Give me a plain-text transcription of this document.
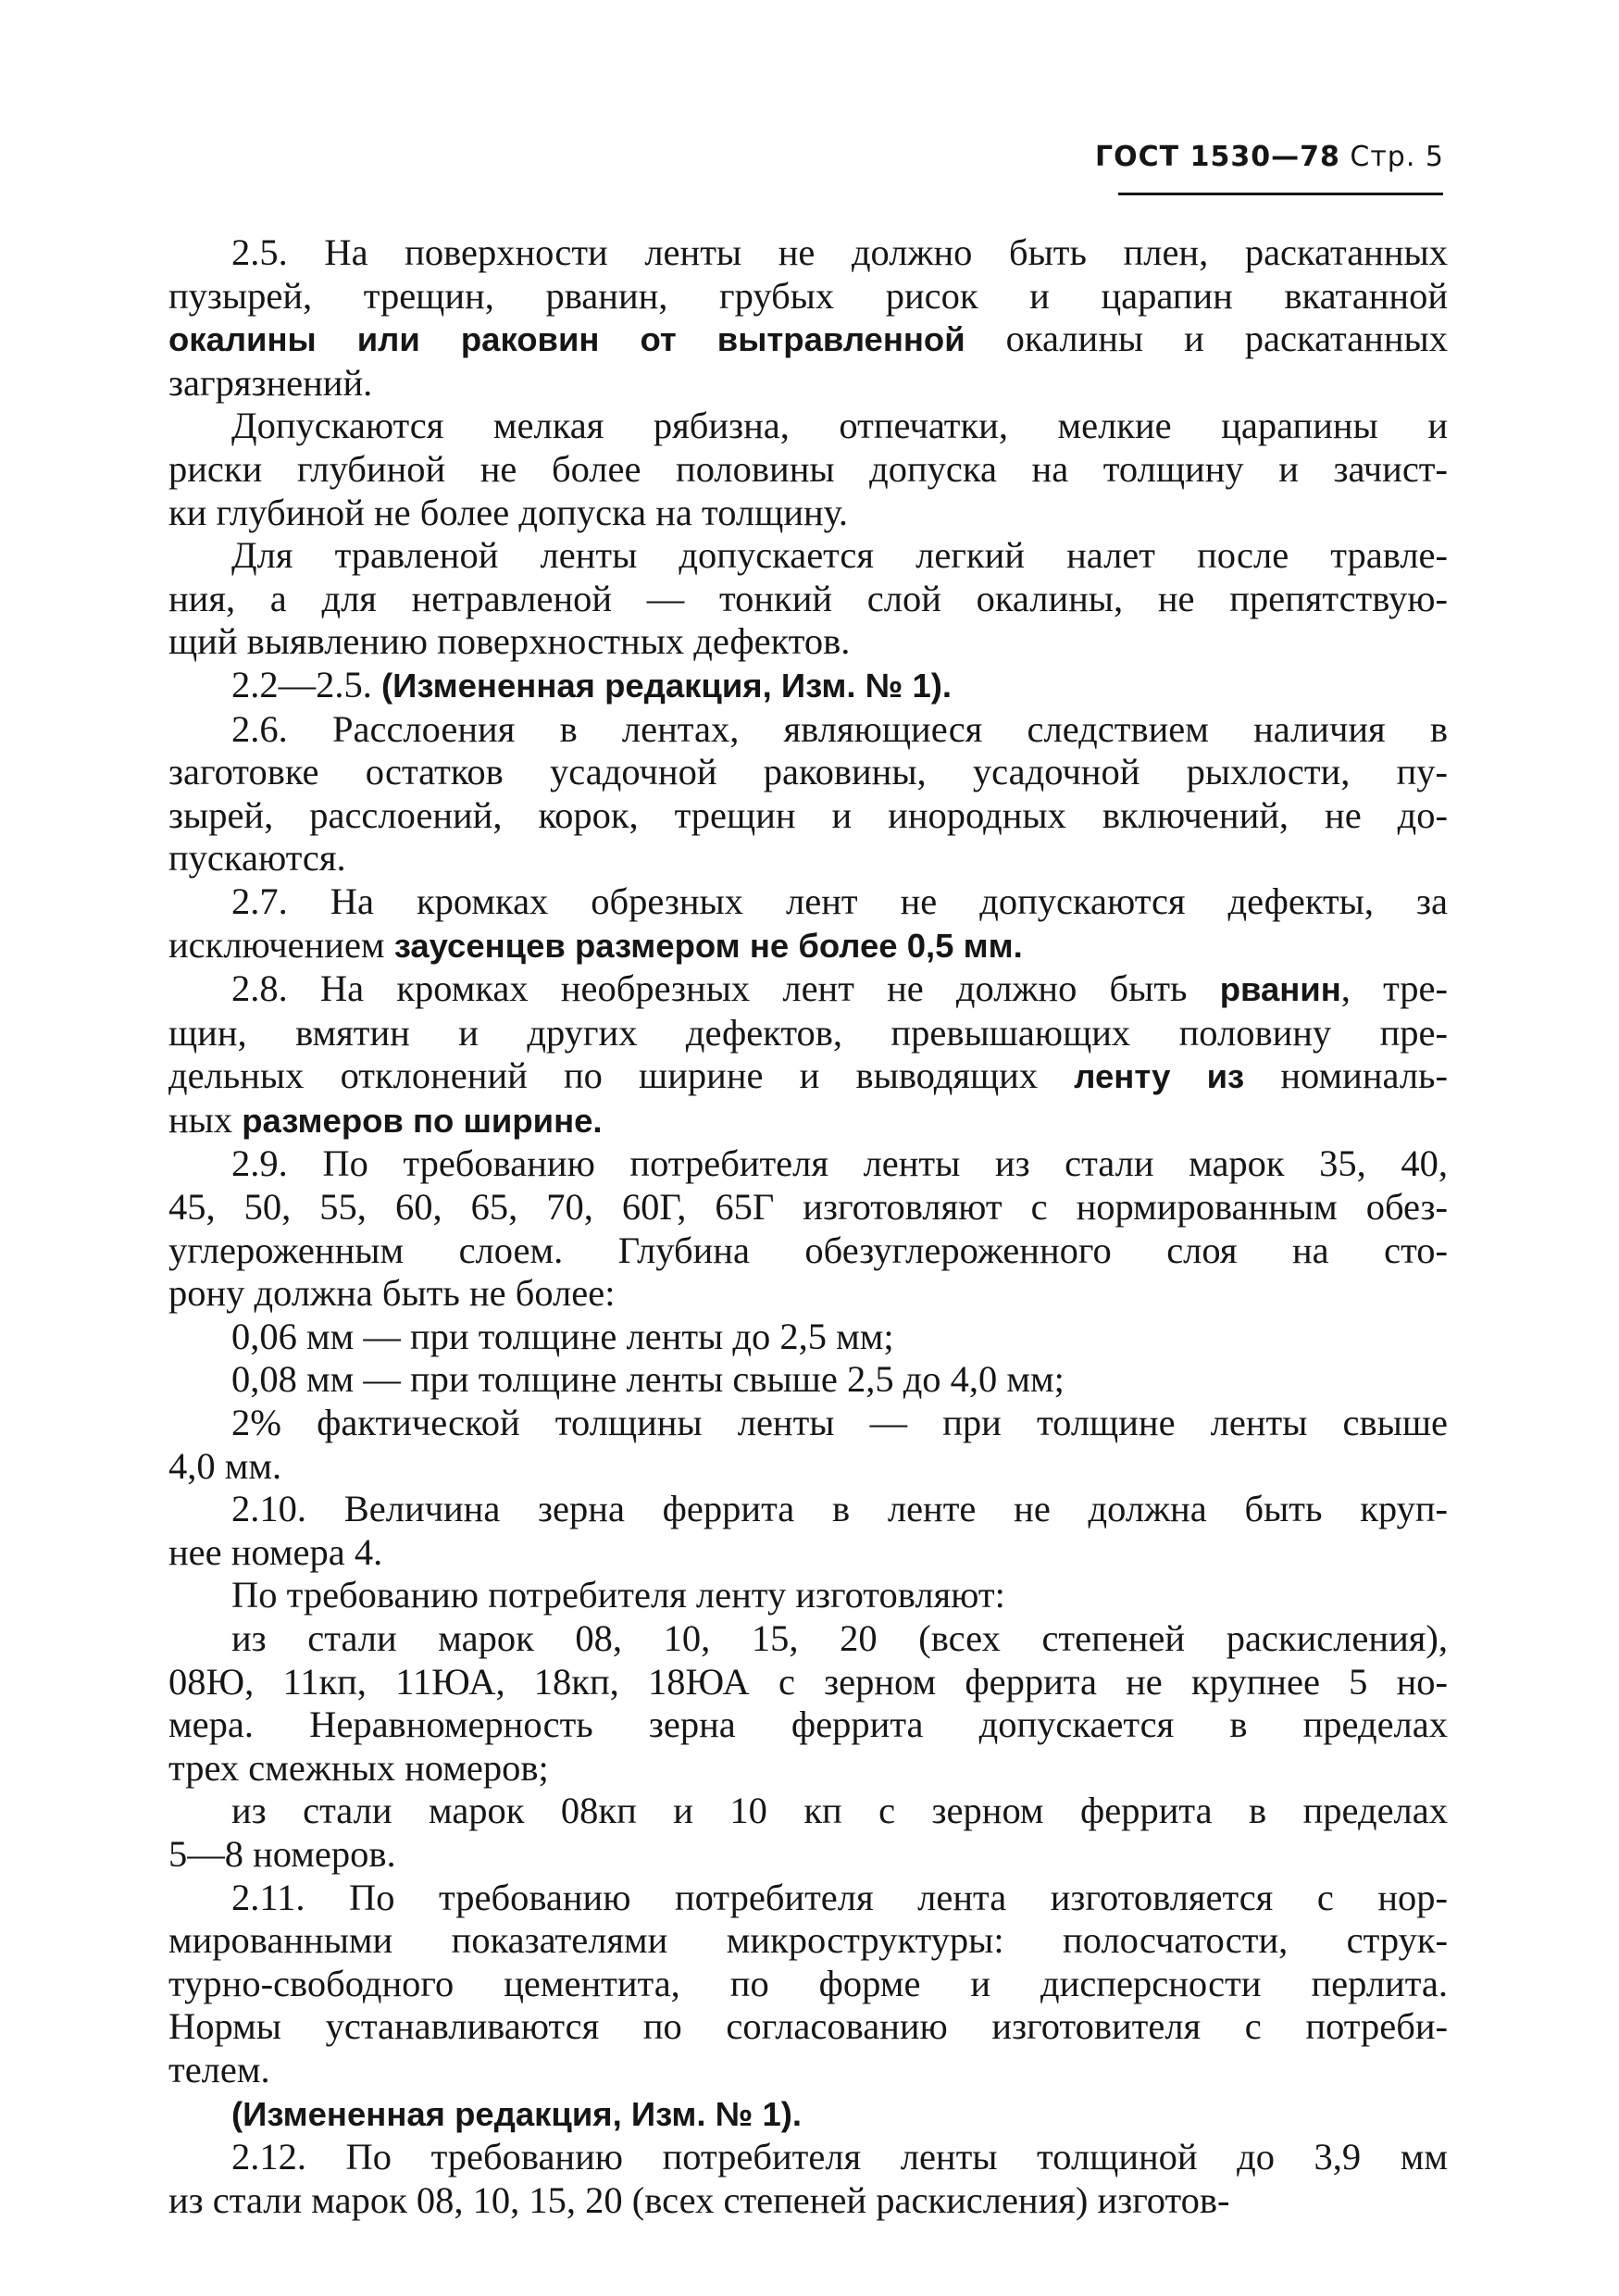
ГОСТ 1530—78 Стр. 5

2.5. На поверхности ленты не должно быть плен, раскатанных

пузырей, трещин, рванин, грубых рисок и царапин вкатанной

окалины или раковин от вытравленной окалины и раскатанных

загрязнений.

Допускаются мелкая рябизна, отпечатки, мелкие царапины и

риски глубиной не более половины допуска на толщину и зачист-

ки глубиной не более допуска на толщину.

Для травленой ленты допускается легкий налет после травле-

ния, а для нетравленой — тонкий слой окалины, не препятствую-

щий выявлению поверхностных дефектов.

2.2—2.5. (Измененная редакция, Изм. № 1).

2.6. Расслоения в лентах, являющиеся следствием наличия в

заготовке остатков усадочной раковины, усадочной рыхлости, пу-

зырей, расслоений, корок, трещин и инородных включений, не до-

пускаются.

2.7. На кромках обрезных лент не допускаются дефекты, за

исключением заусенцев размером не более 0,5 мм.

2.8. На кромках необрезных лент не должно быть рванин, тре-

щин, вмятин и других дефектов, превышающих половину пре-

дельных отклонений по ширине и выводящих ленту из номиналь-

ных размеров по ширине.

2.9. По требованию потребителя ленты из стали марок 35, 40,

45, 50, 55, 60, 65, 70, 60Г, 65Г изготовляют с нормированным обез-

углероженным слоем. Глубина обезуглероженного слоя на сто-

рону должна быть не более:

0,06 мм — при толщине ленты до 2,5 мм;

0,08 мм — при толщине ленты свыше 2,5 до 4,0 мм;

2% фактической толщины ленты — при толщине ленты свыше

4,0 мм.

2.10. Величина зерна феррита в ленте не должна быть круп-

нее номера 4.

По требованию потребителя ленту изготовляют:

из стали марок 08, 10, 15, 20 (всех степеней раскисления),

08Ю, 11кп, 11ЮА, 18кп, 18ЮА с зерном феррита не крупнее 5 но-

мера. Неравномерность зерна феррита допускается в пределах

трех смежных номеров;

из стали марок 08кп и 10 кп с зерном феррита в пределах

5—8 номеров.

2.11. По требованию потребителя лента изготовляется с нор-

мированными показателями микроструктуры: полосчатости, струк-

турно-свободного цементита, по форме и дисперсности перлита.

Нормы устанавливаются по согласованию изготовителя с потреби-

телем.

(Измененная редакция, Изм. № 1).

2.12. По требованию потребителя ленты толщиной до 3,9 мм

из стали марок 08, 10, 15, 20 (всех степеней раскисления) изготов-
